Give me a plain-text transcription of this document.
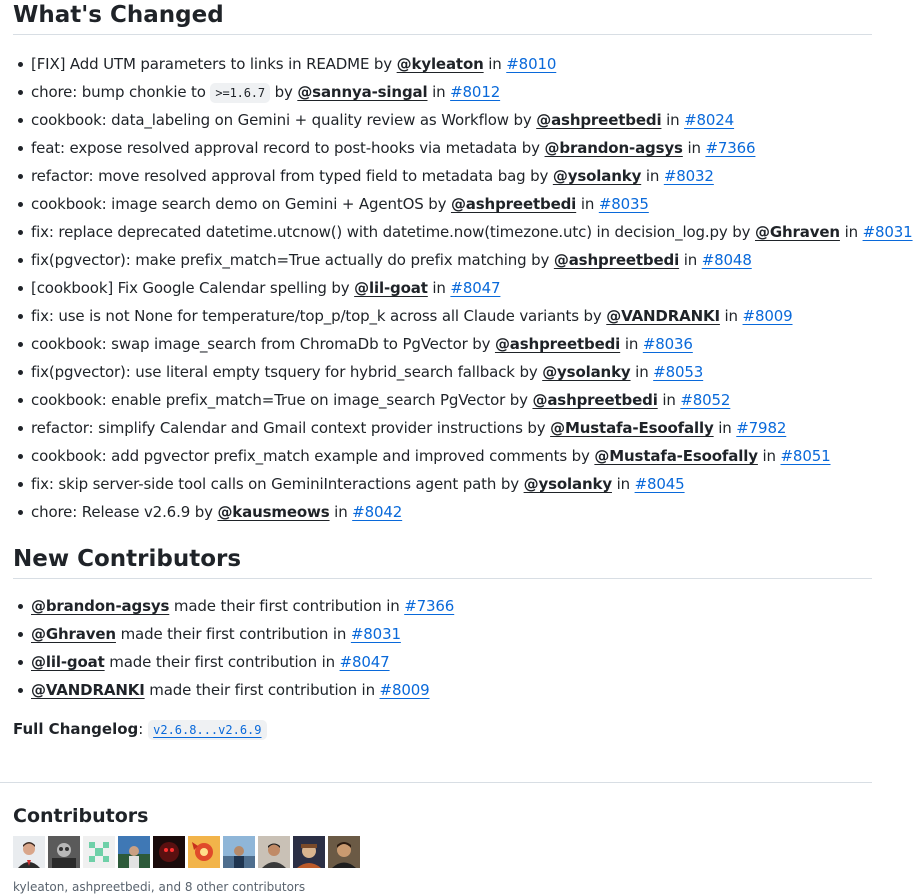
What's Changed
[FIX] Add UTM parameters to links in README by @kyleaton in #8010
chore: bump chonkie to >=1.6.7 by @sannya-singal in #8012
cookbook: data_labeling on Gemini + quality review as Workflow by @ashpreetbedi in #8024
feat: expose resolved approval record to post-hooks via metadata by @brandon-agsys in #7366
refactor: move resolved approval from typed field to metadata bag by @ysolanky in #8032
cookbook: image search demo on Gemini + AgentOS by @ashpreetbedi in #8035
fix: replace deprecated datetime.utcnow() with datetime.now(timezone.utc) in decision_log.py by @Ghraven in #8031
fix(pgvector): make prefix_match=True actually do prefix matching by @ashpreetbedi in #8048
[cookbook] Fix Google Calendar spelling by @lil-goat in #8047
fix: use is not None for temperature/top_p/top_k across all Claude variants by @VANDRANKI in #8009
cookbook: swap image_search from ChromaDb to PgVector by @ashpreetbedi in #8036
fix(pgvector): use literal empty tsquery for hybrid_search fallback by @ysolanky in #8053
cookbook: enable prefix_match=True on image_search PgVector by @ashpreetbedi in #8052
refactor: simplify Calendar and Gmail context provider instructions by @Mustafa-Esoofally in #7982
cookbook: add pgvector prefix_match example and improved comments by @Mustafa-Esoofally in #8051
fix: skip server-side tool calls on GeminiInteractions agent path by @ysolanky in #8045
chore: Release v2.6.9 by @kausmeows in #8042
New Contributors
@brandon-agsys made their first contribution in #7366
@Ghraven made their first contribution in #8031
@lil-goat made their first contribution in #8047
@VANDRANKI made their first contribution in #8009
Full Changelog: v2.6.8...v2.6.9
Contributors
kyleaton, ashpreetbedi, and 8 other contributors
